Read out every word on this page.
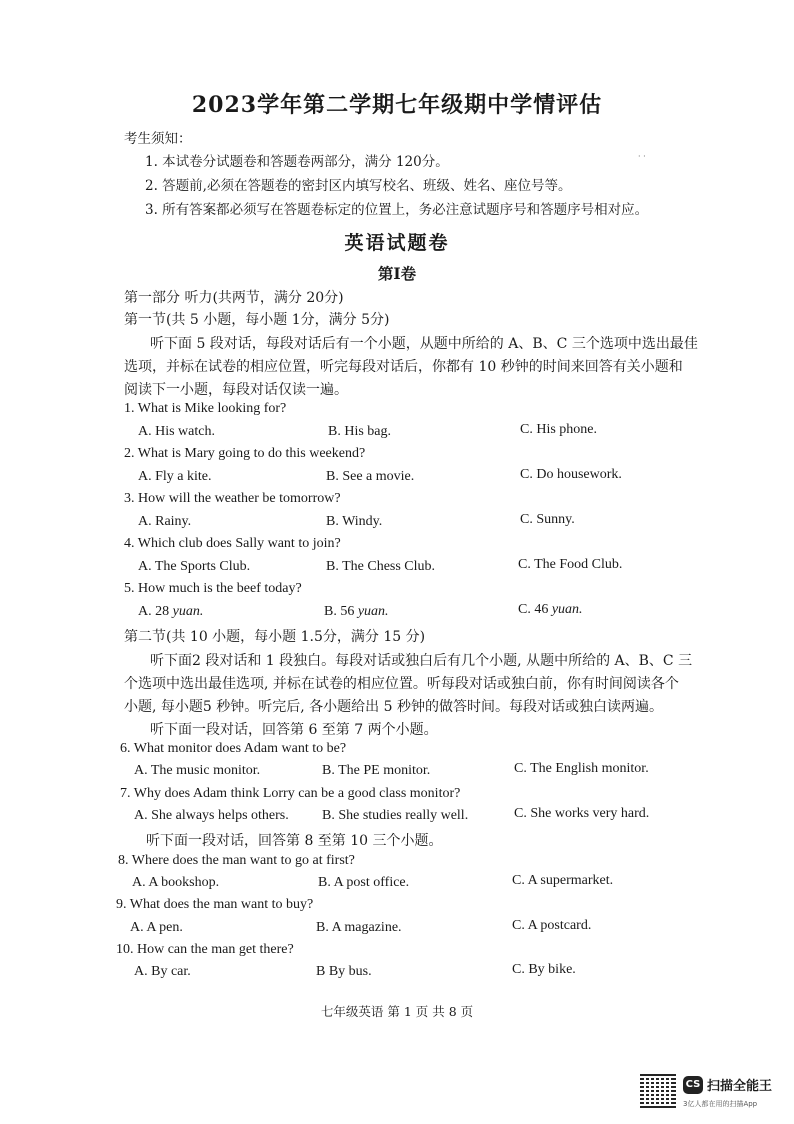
2023学年第二学期七年级期中学情评估
考生须知：
1. 本试卷分试题卷和答题卷两部分，满分 120分。
2. 答题前,必须在答题卷的密封区内填写校名、班级、姓名、座位号等。
3. 所有答案都必须写在答题卷标定的位置上，务必注意试题序号和答题序号相对应。
· ·
英语试题卷
第I卷
第一部分 听力(共两节，满分 20分)
第一节(共 5 小题，每小题 1分，满分 5分)
听下面 5 段对话，每段对话后有一个小题，从题中所给的 A、B、C 三个选项中选出最佳
选项，并标在试卷的相应位置，听完每段对话后，你都有 10 秒钟的时间来回答有关小题和
阅读下一小题，每段对话仅读一遍。
1. What is Mike looking for?
A. His watch.	B. His bag.	C. His phone.
2. What is Mary going to do this weekend?
A. Fly a kite.	B. See a movie.	C. Do housework.
3. How will the weather be tomorrow?
A. Rainy.	B. Windy.	C. Sunny.
4. Which club does Sally want to join?
A. The Sports Club.	B. The Chess Club.	C. The Food Club.
5. How much is the beef today?
A. 28 yuan.	B. 56 yuan.	C. 46 yuan.
第二节(共 10 小题，每小题 1.5分，满分 15 分)
听下面2 段对话和 1 段独白。每段对话或独白后有几个小题, 从题中所给的 A、B、C 三
个选项中选出最佳选项, 并标在试卷的相应位置。听每段对话或独白前，你有时间阅读各个
小题, 每小题5 秒钟。听完后, 各小题给出 5 秒钟的做答时间。每段对话或独白读两遍。
听下面一段对话，回答第 6 至第 7 两个小题。
6. What monitor does Adam want to be?
A. The music monitor.	B. The PE monitor.	C. The English monitor.
7. Why does Adam think Lorry can be a good class monitor?
A. She always helps others. B. She studies really well.	C. She works very hard.
听下面一段对话，回答第 8 至第 10 三个小题。
8. Where does the man want to go at first?
A. A bookshop.	B. A post office.	C. A supermarket.
9. What does the man want to buy?
A. A pen.	B. A magazine.	C. A postcard.
10. How can the man get there?
A. By car.	B By bus.	C. By bike.
七年级英语 第 1 页 共 8 页
CS 扫描全能王
3亿人都在用的扫描App
